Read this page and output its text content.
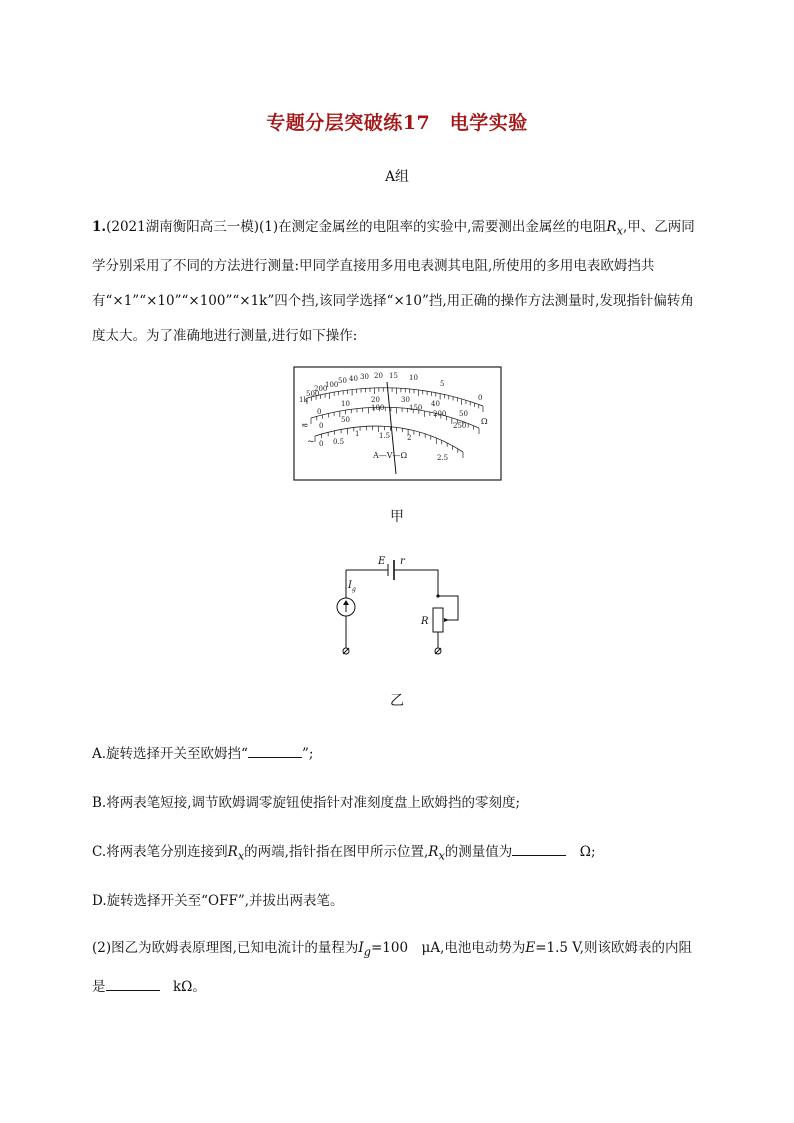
专题分层突破练17　电学实验
A组
1.(2021湖南衡阳高三一模)(1)在测定金属丝的电阻率的实验中,需要测出金属丝的电阻$R_x$,甲、乙两同学分别采用了不同的方法进行测量:甲同学直接用多用电表测其电阻,所使用的多用电表欧姆挡共有“×1”“×10”“×100”“×1k”四个挡,该同学选择“×10”挡,用正确的操作方法测量时,发现指针偏转角度太大。为了准确地进行测量,进行如下操作:
1k
500
200
100 50 40 30 20 15 10
5
0
0
10	20	30	40
50
0
50
100	150
200
250
0 0.5
1	1.5 2
2.5
Ω
≂
~
A—V—Ω
甲
E r
I g
R
乙
A.旋转选择开关至欧姆挡“	”;
B.将两表笔短接,调节欧姆调零旋钮使指针对准刻度盘上欧姆挡的零刻度;
C.将两表笔分别连接到$R_x$的两端,指针指在图甲所示位置$,R_x$的测量值为　	Ω;
D.旋转选择开关至“OFF”,并拔出两表笔。
(2)图乙为欧姆表原理图,已知电流计的量程为$I_g=100$　μA,电池电动势为E=1.5 V,则该欧姆表的内阻是　	kΩ。
